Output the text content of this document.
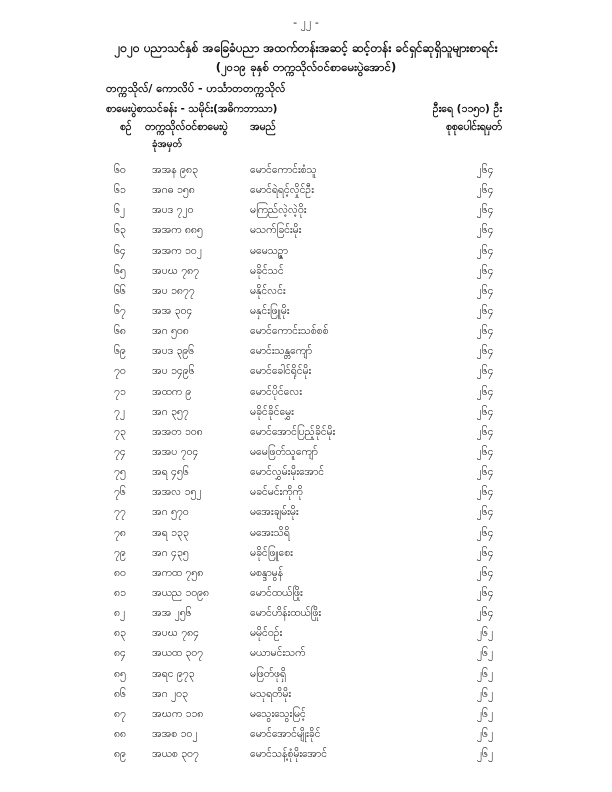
- ၂၂ -
၂၀၂၀ ပညာသင်နှစ် အခြေခံပညာ အထက်တန်းအဆင့် ဆင့်တန်း ခင်ရှင်ဆုရှိသူများစာရင်း
(၂၀၁၉ ခုနှစ် တက္ကသိုလ်ဝင်စာမေးပွဲအောင်)
တက္ကသိုလ်/ ကောလိပ် - ဟင်္သာတတက္ကသိုလ်
စာမေးပွဲစာသင်ခန်း - သမိုင်း(အဓိကဘာသာ)	ဦးရေ (၁၁၅၀) ဦး
စဉ် တက္ကသိုလ်ဝင်စာမေးပွဲ
ခုံအမှတ်
အမည်	စုစုပေါင်းရမှတ်
၆၀ အအန ၉၈၃	မောင်ကောင်းစံသူ	၂၆၄
၆၁ အဂဓ ၁၅၈	မောင်ရဲရင့်လှိုင်ဦး	၂၆၄
၆၂	အပဒ ၇၂၀	မကြည်လဲ့လဲ့ဝိုး	၂၆၄
၆၃ အအက ၈၈၅	မသက်ခြင်းမိုး	၂၆၄
၆၄ အအက ၁၀၂	မမေသဥ္ဇာ	၂၆၄
၆၅ အပဃ ၇၈၇	မခိုင်သင်	၂၆၄
၆၆ အပ ၁၈၇၇	မနိုင်လင်း	၂၆၄
၆၇ အအ ၃၀၄	မနှင်းဖြူမိုး	၂၆၄
၆၈ အဂ ၅၀၈	မောင်ကောင်းသစ်စစ်	၂၆၄
၆၉ အပဒ ၃၉၆	မောင်းသန္တကျော်	၂၆၄
၇၀ အပ ၁၄၉၆	မောင်ခေါင်ရိုင်မိုး	၂၆၄
၇၁ အထက ၉	မောင်ပိုင်လေး	၂၆၄
၇၂	အဂ ၃၅၇	မခိုင်ခိုင်မွှေး	၂၆၄
၇၃ အအတ ၁၀၈	မောင်အောင်ပြည့်ခိုင်မိုး	၂၆၄
၇၄ အအပ ၇၀၄	မမေဖြတ်သူကျော်	၂၆၄
၇၅ အရ ၄၅၆	မောင်လွှမ်းမိုးအောင်	၂၆၄
၇၆ အအလ ၁၅၂	မခင်မင်းကိုကို	၂၆၄
၇၇ အဂ ၅၇၀	မအေးချမ်းမိုး	၂၆၄
၇၈ အရ ၁၃၃	မအေးသိရိ	၂၆၄
၇၉ အဂ ၄၃၅	မခိုင်ဖြူစေး	၂၆၄
၈၀ အကထ ၇၅၈	မစန္ဒာမွန်	၂၆၄
၈၁ အယည ၁၀၉၈	မောင်ထယ်ဖြိုး	၂၆၄
၈၂	အအ ၂၅၆	မောင်ဟိန်းထယ်ဖြိုး	၂၆၄
၈၃ အပဃ ၇၈၄	မမိုင်ဝဉ်း	၂၆၂
၈၄ အယထ ၃၀၇	မယာမင်းသက်	၂၆၂
၈၅ အရင ၉၇၃	မဖြတ်ဖုရှိ	၂၆၂
၈၆ အဂ ၂၀၃	မသုရတိမိုး	၂၆၂
၈၇ အဃက ၁၁၈	မသွေးသွေးမြင့်	၂၆၂
၈၈ အအစ ၁၀၂	မောင်အောင်မျိုးခိုင်	၂၆၂
၈၉ အယစ ၃၀၇	မောင်သန့်စုံမိုးအောင်	၂၆၂
